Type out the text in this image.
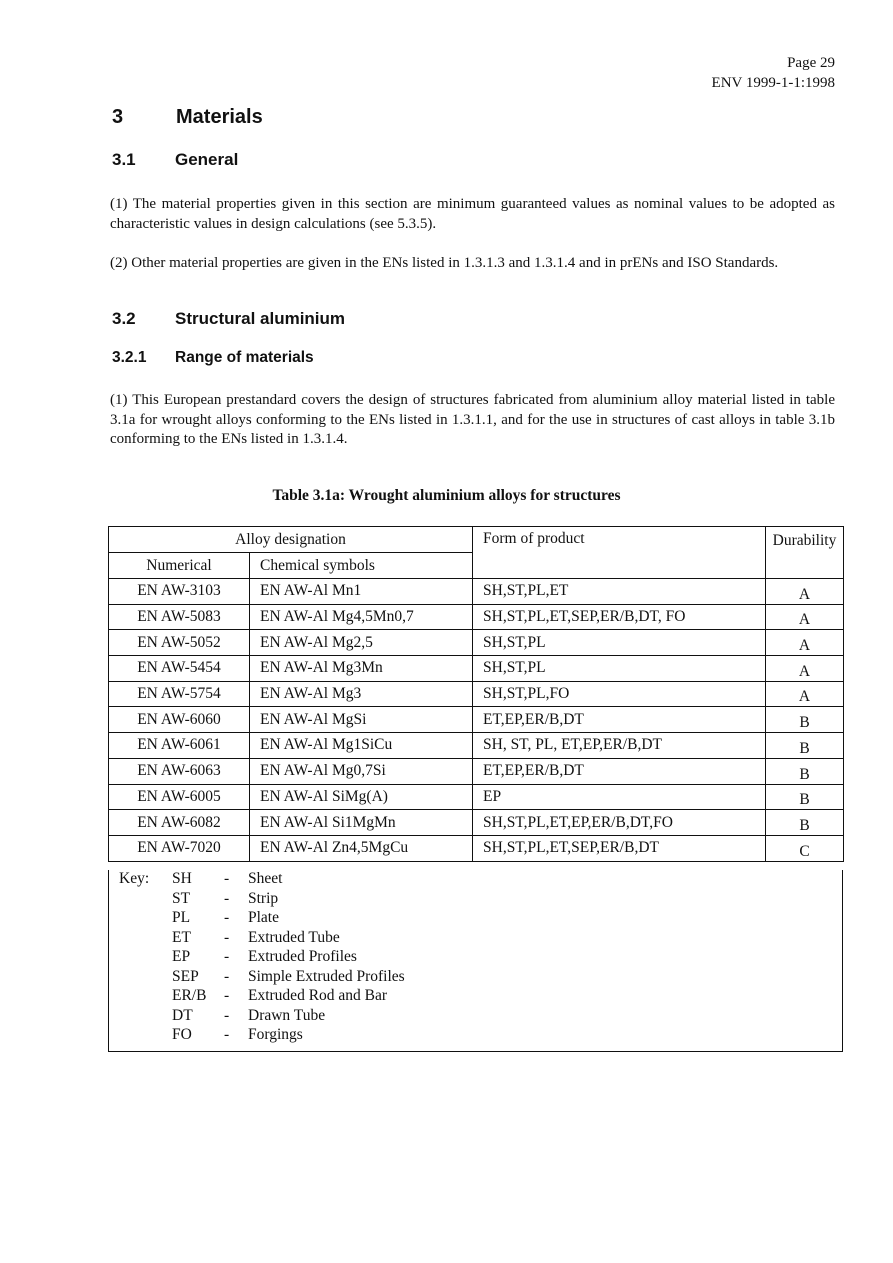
Page 29
ENV 1999-1-1:1998
3	Materials
3.1 General
(1) The material properties given in this section are minimum guaranteed values as nominal values to be adopted as characteristic values in design calculations (see 5.3.5).
(2) Other material properties are given in the ENs listed in 1.3.1.3 and 1.3.1.4 and in prENs and ISO Standards.
3.2 Structural aluminium
3.2.1 Range of materials
(1) This European prestandard covers the design of structures fabricated from aluminium alloy material listed in table 3.1a for wrought alloys conforming to the ENs listed in 1.3.1.1, and for the use in structures of cast alloys in table 3.1b conforming to the ENs listed in 1.3.1.4.
Table 3.1a: Wrought aluminium alloys for structures
Alloy designation		Form of product	Durability
Numerical	Chemical symbols		
EN AW-3103	EN AW-Al Mn1	SH,ST,PL,ET	A
EN AW-5083	EN AW-Al Mg4,5Mn0,7	SH,ST,PL,ET,SEP,ER/B,DT, FO	A
EN AW-5052	EN AW-Al Mg2,5	SH,ST,PL	A
EN AW-5454	EN AW-Al Mg3Mn	SH,ST,PL	A
EN AW-5754	EN AW-Al Mg3	SH,ST,PL,FO	A
EN AW-6060	EN AW-Al MgSi	ET,EP,ER/B,DT	B
EN AW-6061	EN AW-Al Mg1SiCu	SH, ST, PL, ET,EP,ER/B,DT	B
EN AW-6063	EN AW-Al Mg0,7Si	ET,EP,ER/B,DT	B
EN AW-6005	EN AW-Al SiMg(A)	EP	B
EN AW-6082	EN AW-Al Si1MgMn	SH,ST,PL,ET,EP,ER/B,DT,FO	B
EN AW-7020	EN AW-Al Zn4,5MgCu	SH,ST,PL,ET,SEP,ER/B,DT	C
Key: SH - Sheet
ST - Strip
PL - Plate
ET - Extruded Tube
EP - Extruded Profiles
SEP - Simple Extruded Profiles
ER/B - Extruded Rod and Bar
DT - Drawn Tube
FO - Forgings
